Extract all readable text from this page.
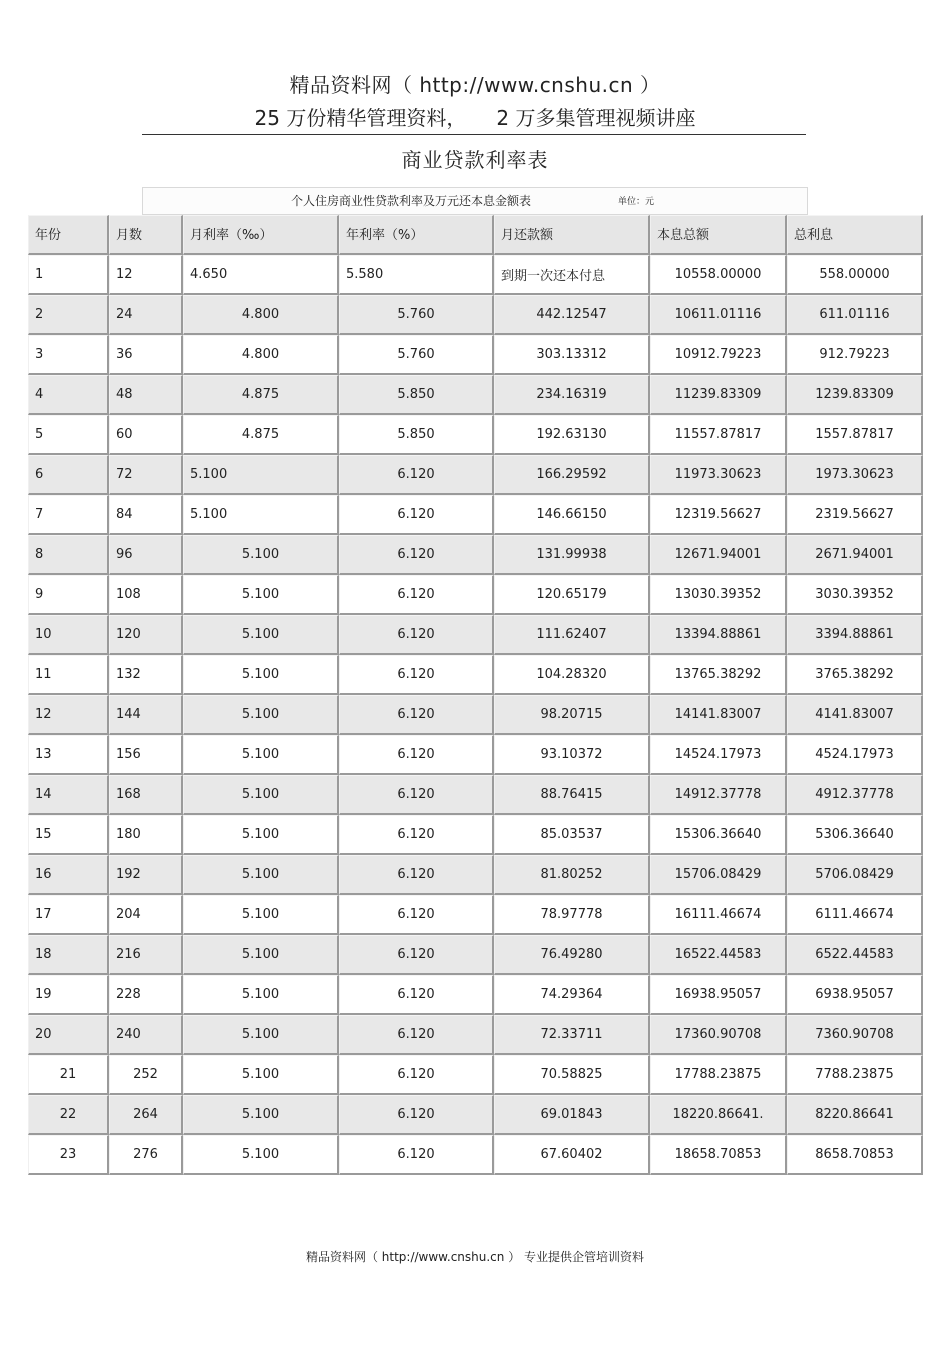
精品资料网（ http://www.cnshu.cn ）
25 万份精华管理资料， 2 万多集管理视频讲座
商业贷款利率表
个人住房商业性贷款利率及万元还本息金额表	单位：元
年份	月数	月利率（‰）	年利率（%）	月还款额	本息总额	总利息
1	12	4.650	5.580	到期一次还本付息	10558.00000	558.00000
2	24	4.800	5.760	442.12547	10611.01116	611.01116
3	36	4.800	5.760	303.13312	10912.79223	912.79223
4	48	4.875	5.850	234.16319	11239.83309	1239.83309
5	60	4.875	5.850	192.63130	11557.87817	1557.87817
6	72	5.100	6.120	166.29592	11973.30623	1973.30623
7	84	5.100	6.120	146.66150	12319.56627	2319.56627
8	96	5.100	6.120	131.99938	12671.94001	2671.94001
9	108	5.100	6.120	120.65179	13030.39352	3030.39352
10	120	5.100	6.120	111.62407	13394.88861	3394.88861
11	132	5.100	6.120	104.28320	13765.38292	3765.38292
12	144	5.100	6.120	98.20715	14141.83007	4141.83007
13	156	5.100	6.120	93.10372	14524.17973	4524.17973
14	168	5.100	6.120	88.76415	14912.37778	4912.37778
15	180	5.100	6.120	85.03537	15306.36640	5306.36640
16	192	5.100	6.120	81.80252	15706.08429	5706.08429
17	204	5.100	6.120	78.97778	16111.46674	6111.46674
18	216	5.100	6.120	76.49280	16522.44583	6522.44583
19	228	5.100	6.120	74.29364	16938.95057	6938.95057
20	240	5.100	6.120	72.33711	17360.90708	7360.90708
21	252	5.100	6.120	70.58825	17788.23875	7788.23875
22	264	5.100	6.120	69.01843	18220.86641.	8220.86641
23	276	5.100	6.120	67.60402	18658.70853	8658.70853
精品资料网（ http://www.cnshu.cn ） 专业提供企管培训资料
